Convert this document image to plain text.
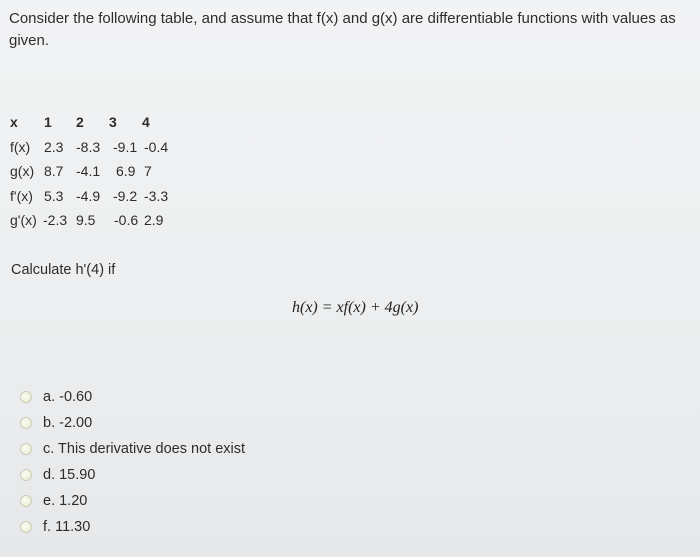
Consider the following table, and assume that f(x) and g(x) are differentiable functions with values as given.

x

1

2

3

4

f(x)

2.3

-8.3

-9.1

-0.4

g(x)

8.7

-4.1

6.9

7

f'(x)

5.3

-4.9

-9.2

-3.3

g'(x)

-2.3

9.5

-0.6

2.9

Calculate h'(4) if
h(x) = xf(x) + 4g(x)
a. -0.60
b. -2.00
c. This derivative does not exist
d. 15.90
e. 1.20
f. 11.30
